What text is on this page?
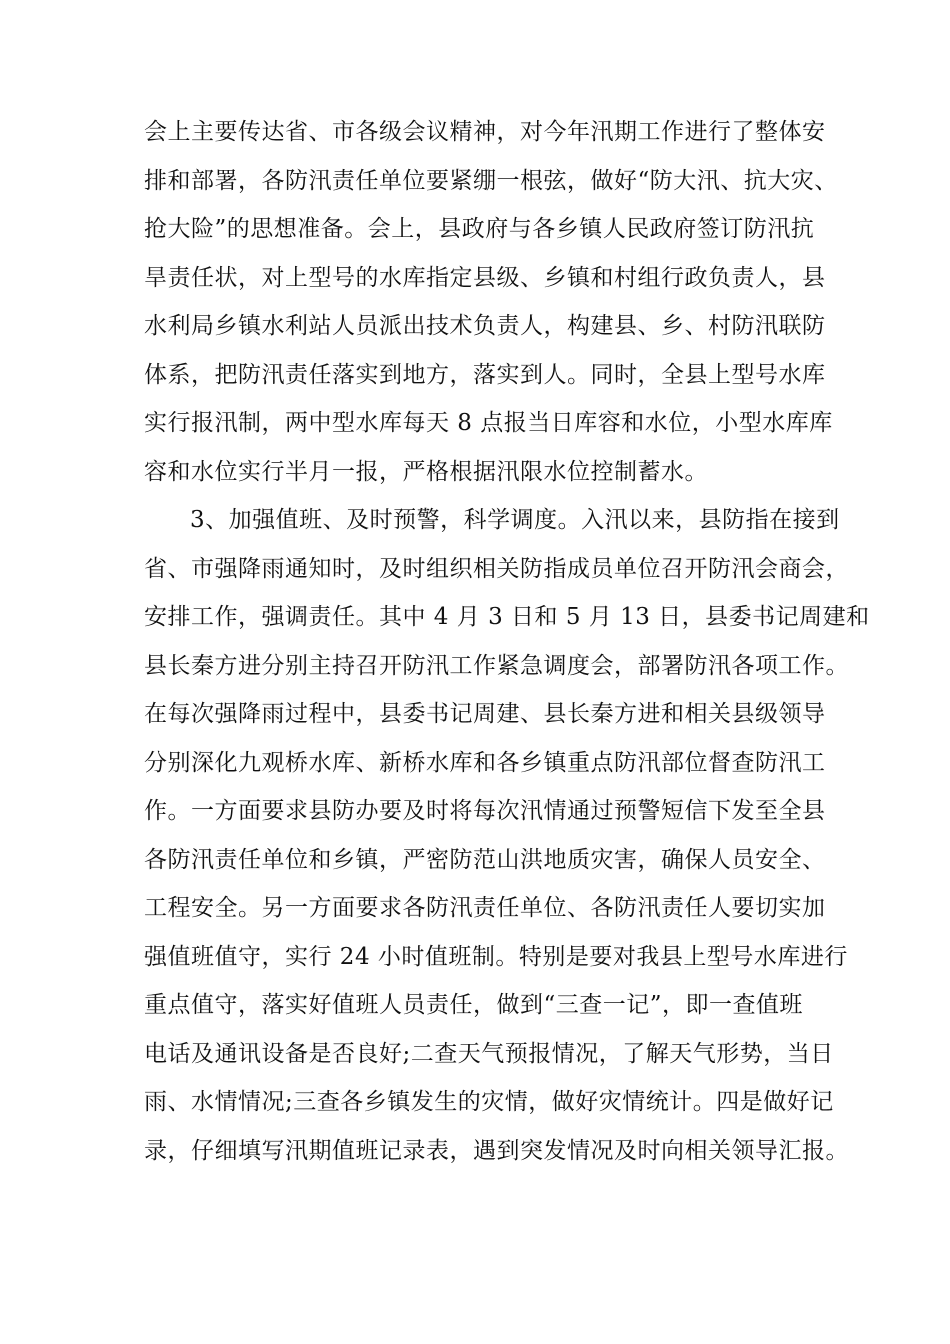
会上主要传达省、市各级会议精神，对今年汛期工作进行了整体安
排和部署，各防汛责任单位要紧绷一根弦，做好“防大汛、抗大灾、
抢大险”的思想准备。会上，县政府与各乡镇人民政府签订防汛抗
旱责任状，对上型号的水库指定县级、乡镇和村组行政负责人，县
水利局乡镇水利站人员派出技术负责人，构建县、乡、村防汛联防
体系，把防汛责任落实到地方，落实到人。同时，全县上型号水库
实行报汛制，两中型水库每天 8 点报当日库容和水位，小型水库库
容和水位实行半月一报，严格根据汛限水位控制蓄水。
3、加强值班、及时预警，科学调度。入汛以来，县防指在接到
省、市强降雨通知时，及时组织相关防指成员单位召开防汛会商会，
安排工作，强调责任。其中 4 月 3 日和 5 月 13 日，县委书记周建和
县长秦方进分别主持召开防汛工作紧急调度会，部署防汛各项工作。
在每次强降雨过程中，县委书记周建、县长秦方进和相关县级领导
分别深化九观桥水库、新桥水库和各乡镇重点防汛部位督查防汛工
作。一方面要求县防办要及时将每次汛情通过预警短信下发至全县
各防汛责任单位和乡镇，严密防范山洪地质灾害，确保人员安全、
工程安全。另一方面要求各防汛责任单位、各防汛责任人要切实加
强值班值守，实行 24 小时值班制。特别是要对我县上型号水库进行
重点值守，落实好值班人员责任，做到“三查一记”，即一查值班
电话及通讯设备是否良好;二查天气预报情况，了解天气形势，当日
雨、水情情况;三查各乡镇发生的灾情，做好灾情统计。四是做好记
录，仔细填写汛期值班记录表，遇到突发情况及时向相关领导汇报。
